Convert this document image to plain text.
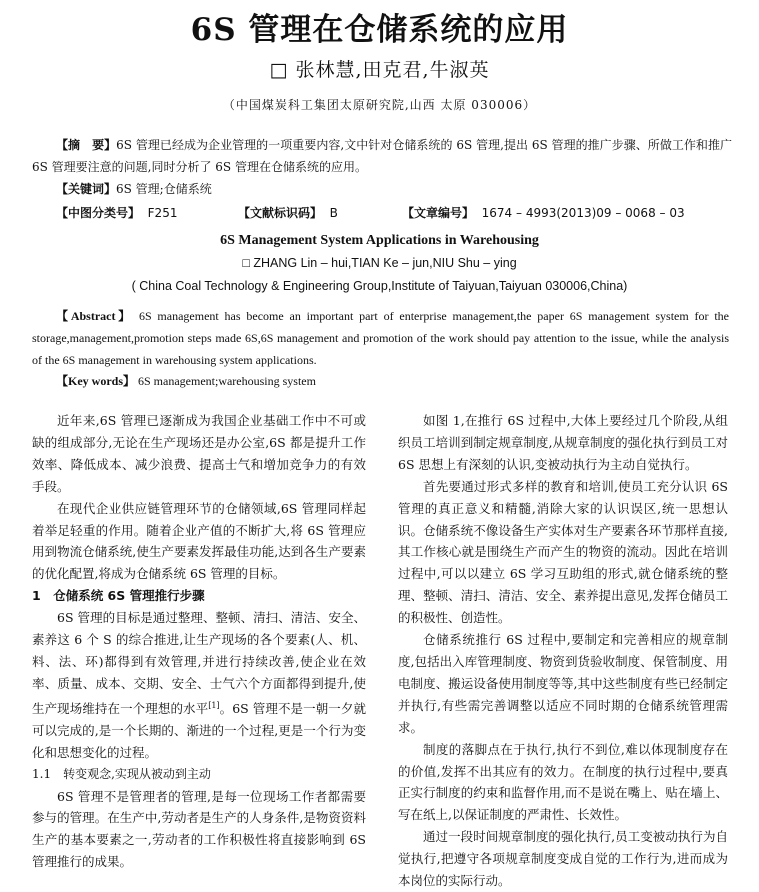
6S 管理在仓储系统的应用
□ 张林慧,田克君,牛淑英
（中国煤炭科工集团太原研究院,山西 太原 030006）
【摘　要】6S 管理已经成为企业管理的一项重要内容,文中针对仓储系统的 6S 管理,提出 6S 管理的推广步骤、所做工作和推广 6S 管理要注意的问题,同时分析了 6S 管理在仓储系统的应用。
【关键词】6S 管理;仓储系统
【中图分类号】 F251	【文献标识码】 B	【文章编号】 1674 – 4993(2013)09 – 0068 – 03
6S Management System Applications in Warehousing
□ ZHANG Lin – hui,TIAN Ke – jun,NIU Shu – ying
( China Coal Technology & Engineering Group,Institute of Taiyuan,Taiyuan 030006,China)
【Abstract】 6S management has become an important part of enterprise management,the paper 6S management system for the storage,management,promotion steps made 6S,6S management and promotion of the work should pay attention to the issue, while the analysis of the 6S management in warehousing system applications.
【Key words】 6S management;warehousing system

近年来,6S 管理已逐渐成为我国企业基础工作中不可或缺的组成部分,无论在生产现场还是办公室,6S 都是提升工作效率、降低成本、减少浪费、提高士气和增加竞争力的有效手段。

在现代企业供应链管理环节的仓储领域,6S 管理同样起着举足轻重的作用。随着企业产值的不断扩大,将 6S 管理应用到物流仓储系统,使生产要素发挥最佳功能,达到各生产要素的优化配置,将成为仓储系统 6S 管理的目标。

1　仓储系统 6S 管理推行步骤

6S 管理的目标是通过整理、整顿、清扫、清洁、安全、素养这 6 个 S 的综合推进,让生产现场的各个要素(人、机、料、法、环)都得到有效管理,并进行持续改善,使企业在效率、质量、成本、交期、安全、士气六个方面都得到提升,使生产现场维持在一个理想的水平[1]。6S 管理不是一朝一夕就可以完成的,是一个长期的、渐进的一个过程,更是一个行为变化和思想变化的过程。

1.1　转变观念,实现从被动到主动

6S 管理不是管理者的管理,是每一位现场工作者都需要参与的管理。在生产中,劳动者是生产的人身条件,是物资资料生产的基本要素之一,劳动者的工作积极性将直接影响到 6S 管理推行的成果。

如图 1,在推行 6S 过程中,大体上要经过几个阶段,从组织员工培训到制定规章制度,从规章制度的强化执行到员工对 6S 思想上有深刻的认识,变被动执行为主动自觉执行。

首先要通过形式多样的教育和培训,使员工充分认识 6S 管理的真正意义和精髓,消除大家的认识误区,统一思想认识。仓储系统不像设备生产实体对生产要素各环节那样直接,其工作核心就是围绕生产而产生的物资的流动。因此在培训过程中,可以以建立 6S 学习互助组的形式,就仓储系统的整理、整顿、清扫、清洁、安全、素养提出意见,发挥仓储员工的积极性、创造性。

仓储系统推行 6S 过程中,要制定和完善相应的规章制度,包括出入库管理制度、物资到货验收制度、保管制度、用电制度、搬运设备使用制度等等,其中这些制度有些已经制定并执行,有些需完善调整以适应不同时期的仓储系统管理需求。

制度的落脚点在于执行,执行不到位,难以体现制度存在的价值,发挥不出其应有的效力。在制度的执行过程中,要真正实行制度的约束和监督作用,而不是说在嘴上、贴在墙上、写在纸上,以保证制度的严肃性、长效性。

通过一段时间规章制度的强化执行,员工变被动执行为自觉执行,把遵守各项规章制度变成自觉的工作行为,进而成为本岗位的实际行动。
